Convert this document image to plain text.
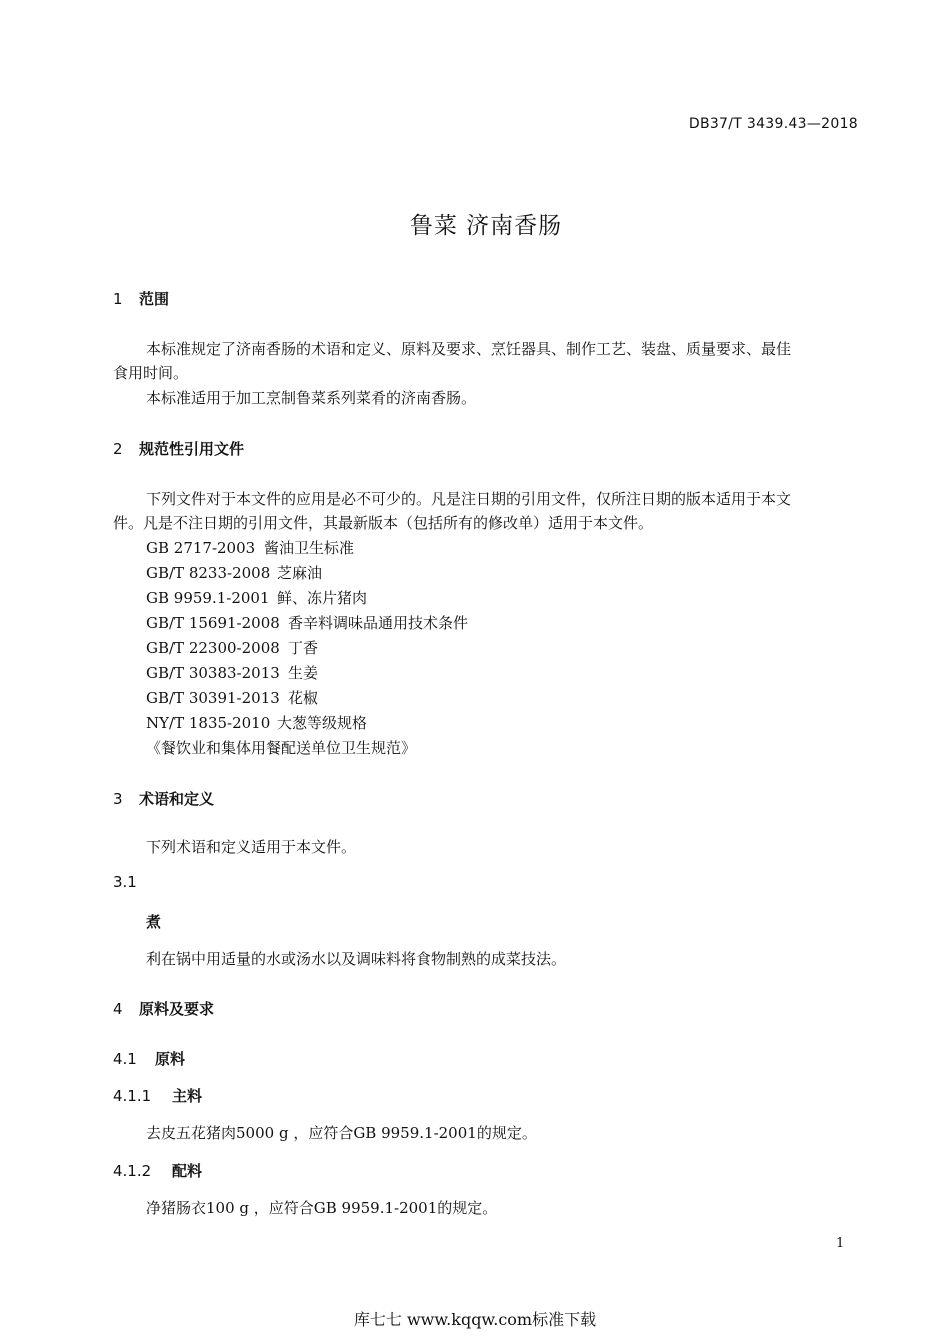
DB37/T 3439.43—2018
鲁菜 济南香肠
1 范围
本标准规定了济南香肠的术语和定义、原料及要求、烹饪器具、制作工艺、装盘、质量要求、最佳
食用时间。
本标准适用于加工烹制鲁菜系列菜肴的济南香肠。
2 规范性引用文件
下列文件对于本文件的应用是必不可少的。凡是注日期的引用文件，仅所注日期的版本适用于本文
件。凡是不注日期的引用文件，其最新版本（包括所有的修改单）适用于本文件。
GB 2717-2003 酱油卫生标准
GB/T 8233-2008 芝麻油
GB 9959.1-2001 鲜、冻片猪肉
GB/T 15691-2008 香辛料调味品通用技术条件
GB/T 22300-2008 丁香
GB/T 30383-2013 生姜
GB/T 30391-2013 花椒
NY/T 1835-2010 大葱等级规格
《餐饮业和集体用餐配送单位卫生规范》
3 术语和定义
下列术语和定义适用于本文件。
3.1
煮
利在锅中用适量的水或汤水以及调味料将食物制熟的成菜技法。
4 原料及要求
4.1 原料
4.1.1 主料
去皮五花猪肉5000 g ，应符合GB 9959.1-2001的规定。
4.1.2 配料
净猪肠衣100 g ，应符合GB 9959.1-2001的规定。
1
库七七 www.kqqw.com标准下载
